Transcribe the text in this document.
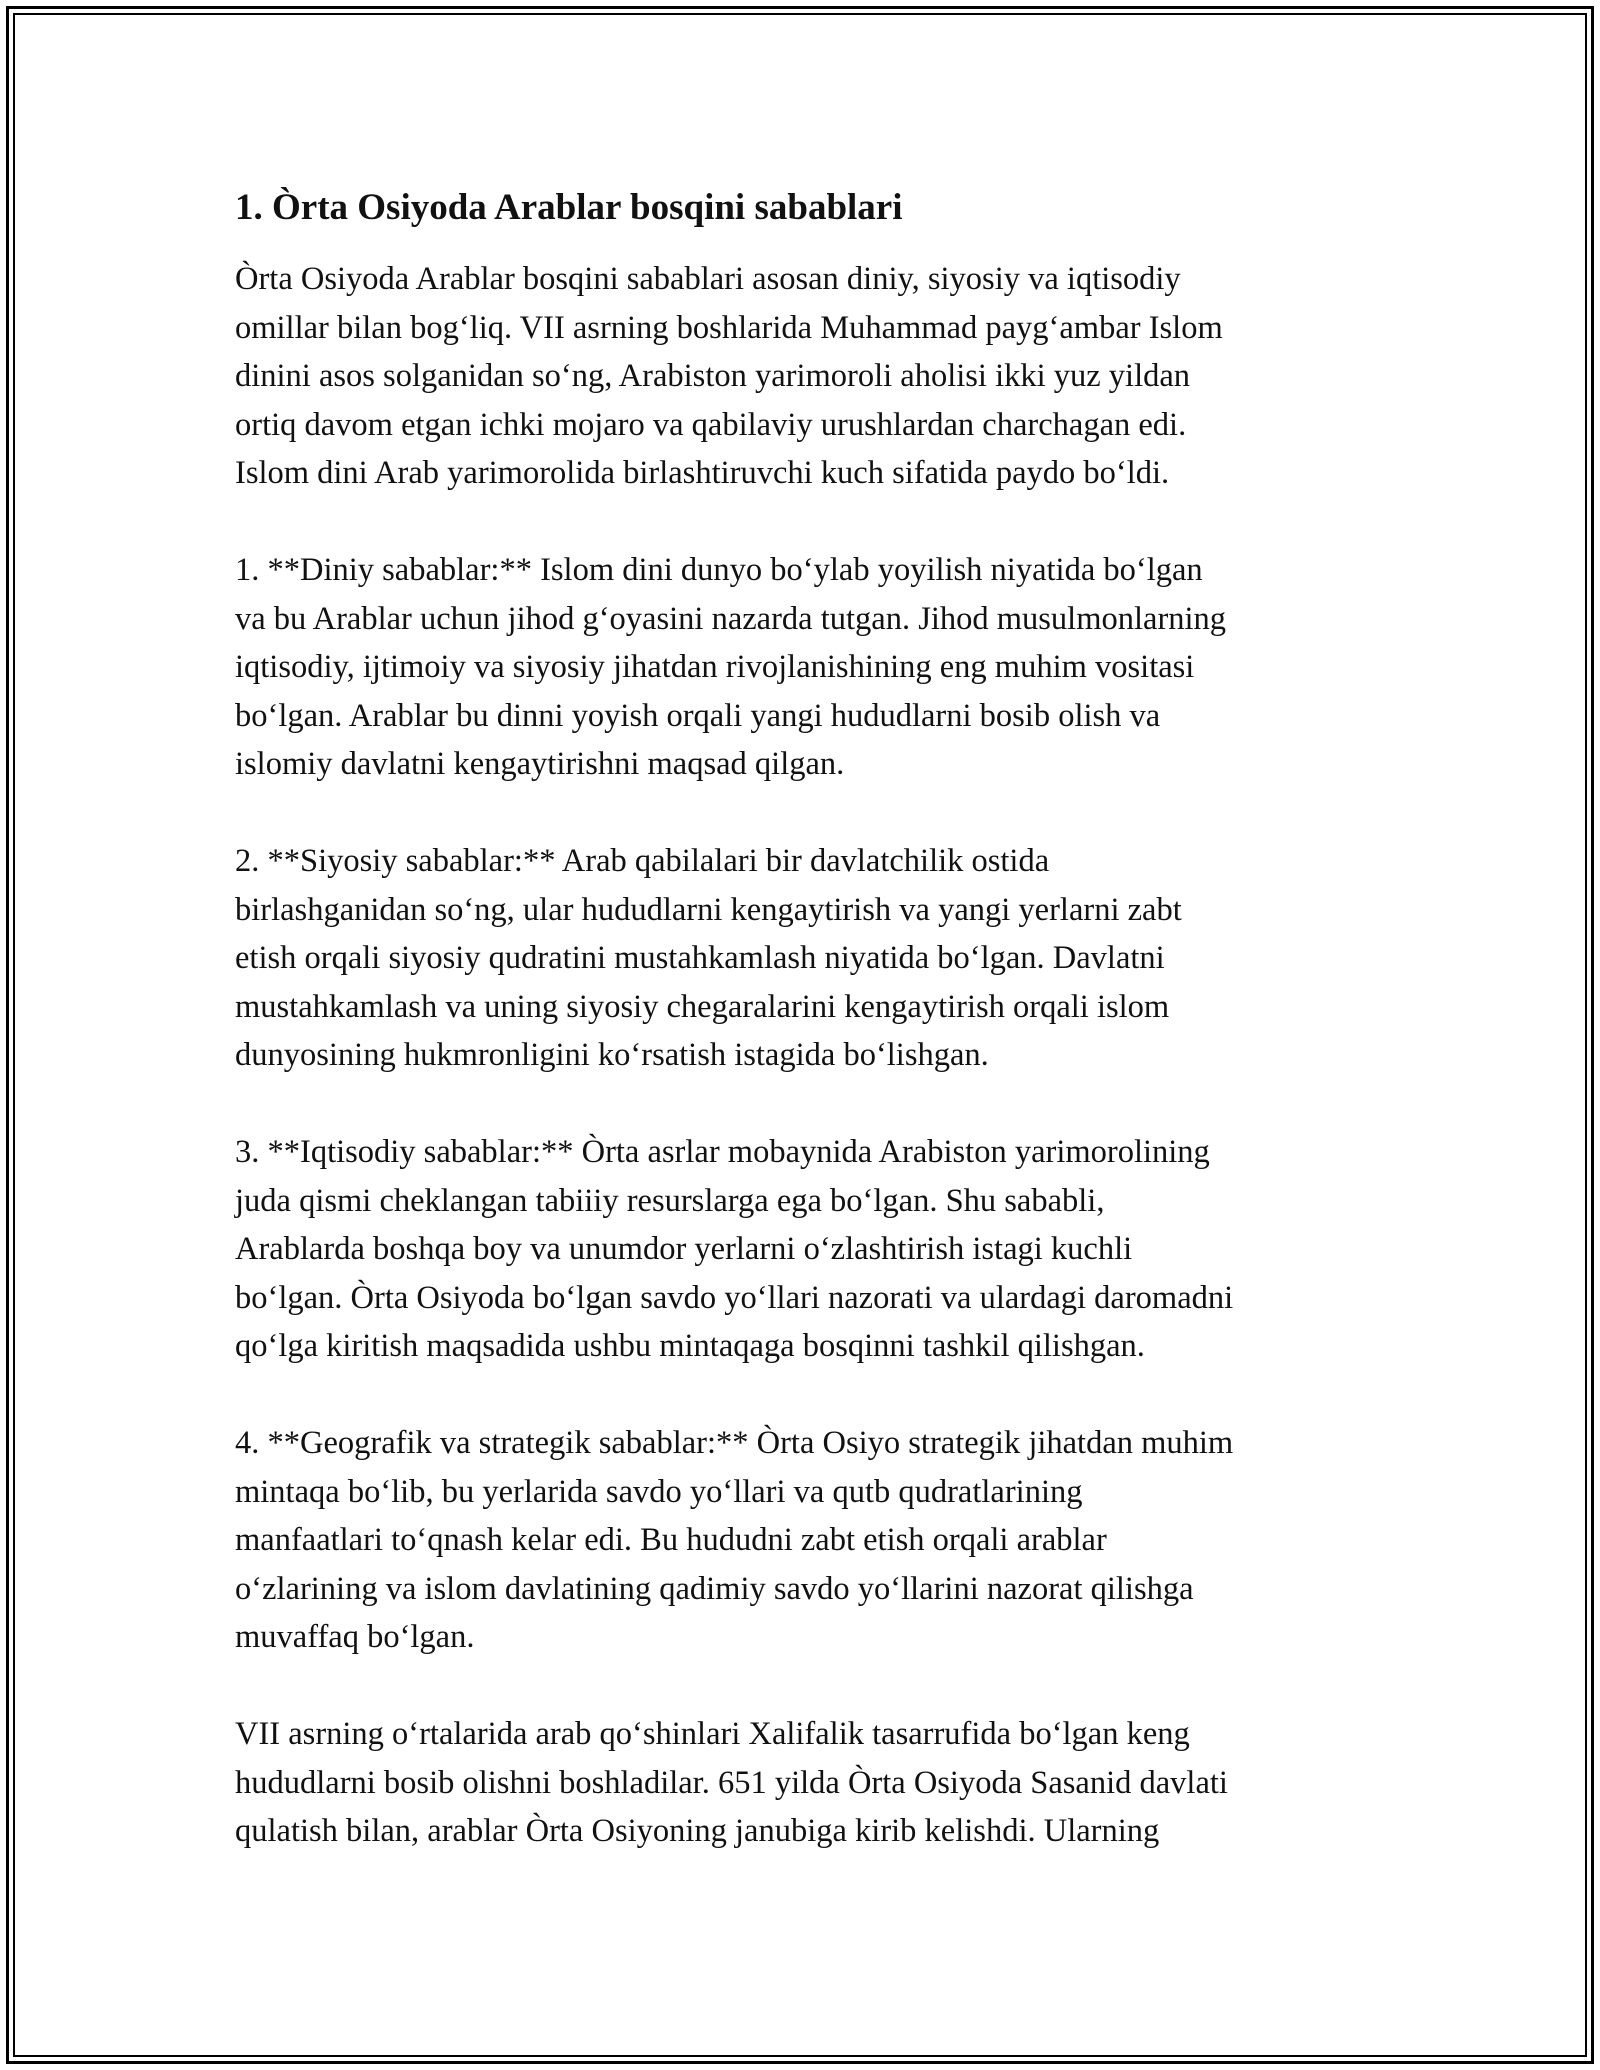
1. Òrta Osiyoda Arablar bosqini sabablari

Òrta Osiyoda Arablar bosqini sabablari asosan diniy, siyosiy va iqtisodiy
omillar bilan bog‘liq. VII asrning boshlarida Muhammad payg‘ambar Islom
dinini asos solganidan so‘ng, Arabiston yarimoroli aholisi ikki yuz yildan
ortiq davom etgan ichki mojaro va qabilaviy urushlardan charchagan edi.
Islom dini Arab yarimorolida birlashtiruvchi kuch sifatida paydo bo‘ldi.

1. **Diniy sabablar:** Islom dini dunyo bo‘ylab yoyilish niyatida bo‘lgan
va bu Arablar uchun jihod g‘oyasini nazarda tutgan. Jihod musulmonlarning
iqtisodiy, ijtimoiy va siyosiy jihatdan rivojlanishining eng muhim vositasi
bo‘lgan. Arablar bu dinni yoyish orqali yangi hududlarni bosib olish va
islomiy davlatni kengaytirishni maqsad qilgan.

2. **Siyosiy sabablar:** Arab qabilalari bir davlatchilik ostida
birlashganidan so‘ng, ular hududlarni kengaytirish va yangi yerlarni zabt
etish orqali siyosiy qudratini mustahkamlash niyatida bo‘lgan. Davlatni
mustahkamlash va uning siyosiy chegaralarini kengaytirish orqali islom
dunyosining hukmronligini ko‘rsatish istagida bo‘lishgan.

3. **Iqtisodiy sabablar:** Òrta asrlar mobaynida Arabiston yarimorolining
juda qismi cheklangan tabiiiy resurslarga ega bo‘lgan. Shu sababli,
Arablarda boshqa boy va unumdor yerlarni o‘zlashtirish istagi kuchli
bo‘lgan. Òrta Osiyoda bo‘lgan savdo yo‘llari nazorati va ulardagi daromadni
qo‘lga kiritish maqsadida ushbu mintaqaga bosqinni tashkil qilishgan.

4. **Geografik va strategik sabablar:** Òrta Osiyo strategik jihatdan muhim
mintaqa bo‘lib, bu yerlarida savdo yo‘llari va qutb qudratlarining
manfaatlari to‘qnash kelar edi. Bu hududni zabt etish orqali arablar
o‘zlarining va islom davlatining qadimiy savdo yo‘llarini nazorat qilishga
muvaffaq bo‘lgan.

VII asrning o‘rtalarida arab qo‘shinlari Xalifalik tasarrufida bo‘lgan keng
hududlarni bosib olishni boshladilar. 651 yilda Òrta Osiyoda Sasanid davlati
qulatish bilan, arablar Òrta Osiyoning janubiga kirib kelishdi. Ularning
